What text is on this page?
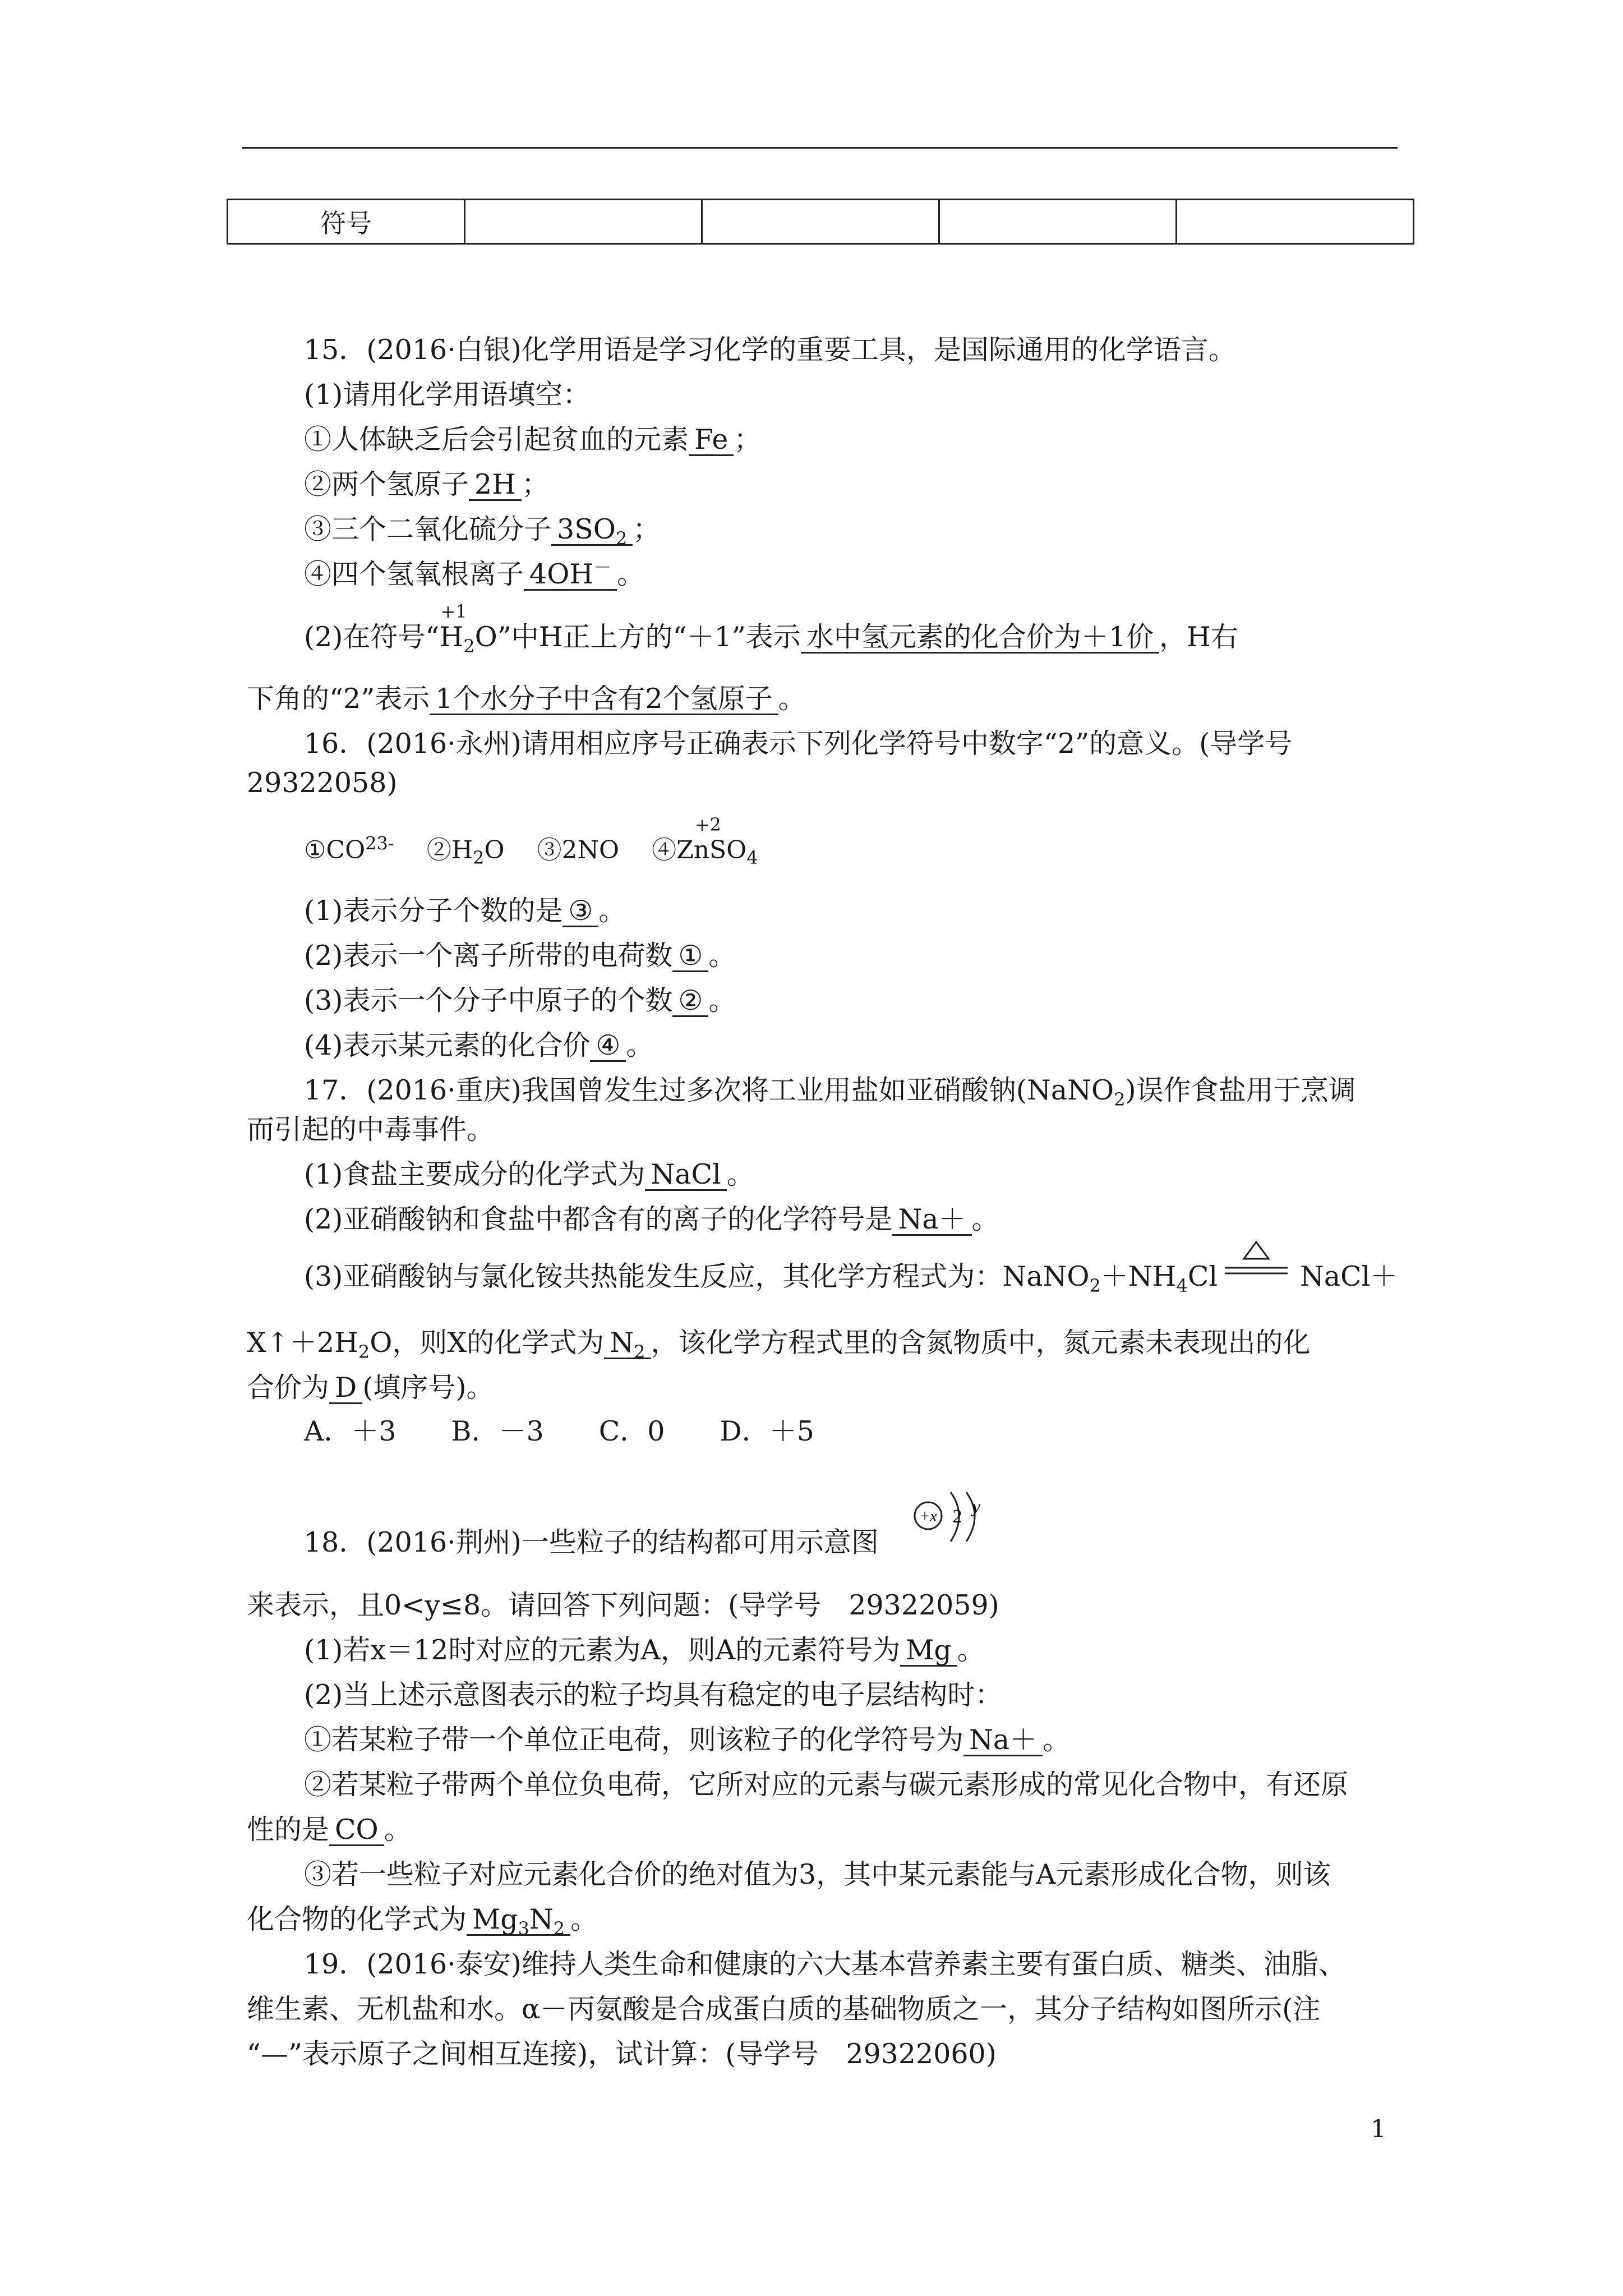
符号				
15．(2016·白银)化学用语是学习化学的重要工具，是国际通用的化学语言。
(1)请用化学用语填空：
①人体缺乏后会引起贫血的元素 Fe ；
②两个氢原子 2H ；
③三个二氧化硫分子 $3SO_2$ ；
④四个氢氧根离子 4OH－ 。
(2)在符号“
+1
$H_2O$”中H正上方的“＋1”表示 水中氢元素的化合价为＋1价 ，H右
下角的“2”表示 1个水分子中含有2个氢原子 。
16．(2016·永州)请用相应序号正确表示下列化学符号中数字“2”的意义。(导学号
29322058)
$①CO^{23-}$　 $②H_2O$　 ③2NO　 ④Z
+2
nSO$_4$
(1)表示分子个数的是 ③ 。
(2)表示一个离子所带的电荷数 ① 。
(3)表示一个分子中原子的个数 ② 。
(4)表示某元素的化合价 ④ 。
17．(2016·重庆)我国曾发生过多次将工业用盐如亚硝酸钠(NaNO$_2$)误作食盐用于烹调
而引起的中毒事件。
(1)食盐主要成分的化学式为 NaCl 。
(2)亚硝酸钠和食盐中都含有的离子的化学符号是 Na＋ 。
(3)亚硝酸钠与氯化铵共热能发生反应，其化学方程式为：$NaNO_2+NH_4Cl$	NaCl＋
$X↑+2H_2O$，则X的化学式为 $N_2$ ，该化学方程式里的含氮物质中，氮元素未表现出的化
合价为 D (填序号)。
A．＋3　　B．－3　　C．0　　D．＋5
18．(2016·荆州)一些粒子的结构都可用示意图
+x 2 y
来表示，且0<y≤8。请回答下列问题：(导学号　29322059)
(1)若x＝12时对应的元素为A，则A的元素符号为 Mg 。
(2)当上述示意图表示的粒子均具有稳定的电子层结构时：
①若某粒子带一个单位正电荷，则该粒子的化学符号为 Na＋ 。
②若某粒子带两个单位负电荷，它所对应的元素与碳元素形成的常见化合物中，有还原
性的是 CO 。
③若一些粒子对应元素化合价的绝对值为3，其中某元素能与A元素形成化合物，则该
化合物的化学式为 $Mg_3N_2$ 。
19．(2016·泰安)维持人类生命和健康的六大基本营养素主要有蛋白质、糖类、油脂、
维生素、无机盐和水。α－丙氨酸是合成蛋白质的基础物质之一，其分子结构如图所示(注
“—”表示原子之间相互连接)，试计算：(导学号　29322060)
1
